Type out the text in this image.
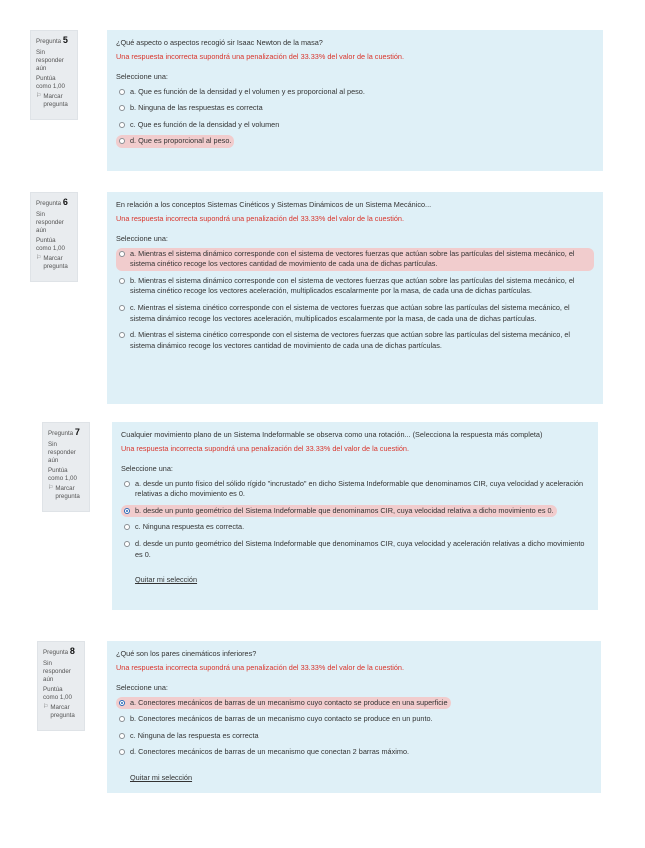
Pregunta 5
Sin responder aún
Puntúa como 1,00
⚐ Marcar pregunta
¿Qué aspecto o aspectos recogió sir Isaac Newton de la masa?
Una respuesta incorrecta supondrá una penalización del 33.33% del valor de la cuestión.
Seleccione una:
a. Que es función de la densidad y el volumen y es proporcional al peso.
b. Ninguna de las respuestas es correcta
c. Que es función de la densidad y el volumen
d. Que es proporcional al peso.
Pregunta 6
Sin responder aún
Puntúa como 1,00
⚐ Marcar pregunta
En relación a los conceptos Sistemas Cinéticos y Sistemas Dinámicos de un Sistema Mecánico...
Una respuesta incorrecta supondrá una penalización del 33.33% del valor de la cuestión.
Seleccione una:
a. Mientras el sistema dinámico corresponde con el sistema de vectores fuerzas que actúan sobre las partículas del sistema mecánico, el sistema cinético recoge los vectores cantidad de movimiento de cada una de dichas partículas.
b. Mientras el sistema dinámico corresponde con el sistema de vectores fuerzas que actúan sobre las partículas del sistema mecánico, el sistema cinético recoge los vectores aceleración, multiplicados escalarmente por la masa, de cada una de dichas partículas.
c. Mientras el sistema cinético corresponde con el sistema de vectores fuerzas que actúan sobre las partículas del sistema mecánico, el sistema dinámico recoge los vectores aceleración, multiplicados escalarmente por la masa, de cada una de dichas partículas.
d. Mientras el sistema cinético corresponde con el sistema de vectores fuerzas que actúan sobre las partículas del sistema mecánico, el sistema dinámico recoge los vectores cantidad de movimiento de cada una de dichas partículas.
Pregunta 7
Sin responder aún
Puntúa como 1,00
⚐ Marcar pregunta
Cualquier movimiento plano de un Sistema Indeformable se observa como una rotación... (Selecciona la respuesta más completa)
Una respuesta incorrecta supondrá una penalización del 33.33% del valor de la cuestión.
Seleccione una:
a. desde un punto físico del sólido rígido "incrustado" en dicho Sistema Indeformable que denominamos CIR, cuya velocidad y aceleración relativas a dicho movimiento es 0.
b. desde un punto geométrico del Sistema Indeformable que denominamos CIR, cuya velocidad relativa a dicho movimiento es 0.
c. Ninguna respuesta es correcta.
d. desde un punto geométrico del Sistema Indeformable que denominamos CIR, cuya velocidad y aceleración relativas a dicho movimiento es 0.
Quitar mi selección
Pregunta 8
Sin responder aún
Puntúa como 1,00
⚐ Marcar pregunta
¿Qué son los pares cinemáticos inferiores?
Una respuesta incorrecta supondrá una penalización del 33.33% del valor de la cuestión.
Seleccione una:
a. Conectores mecánicos de barras de un mecanismo cuyo contacto se produce en una superficie
b. Conectores mecánicos de barras de un mecanismo cuyo contacto se produce en un punto.
c. Ninguna de las respuesta es correcta
d. Conectores mecánicos de barras de un mecanismo que conectan 2 barras máximo.
Quitar mi selección
